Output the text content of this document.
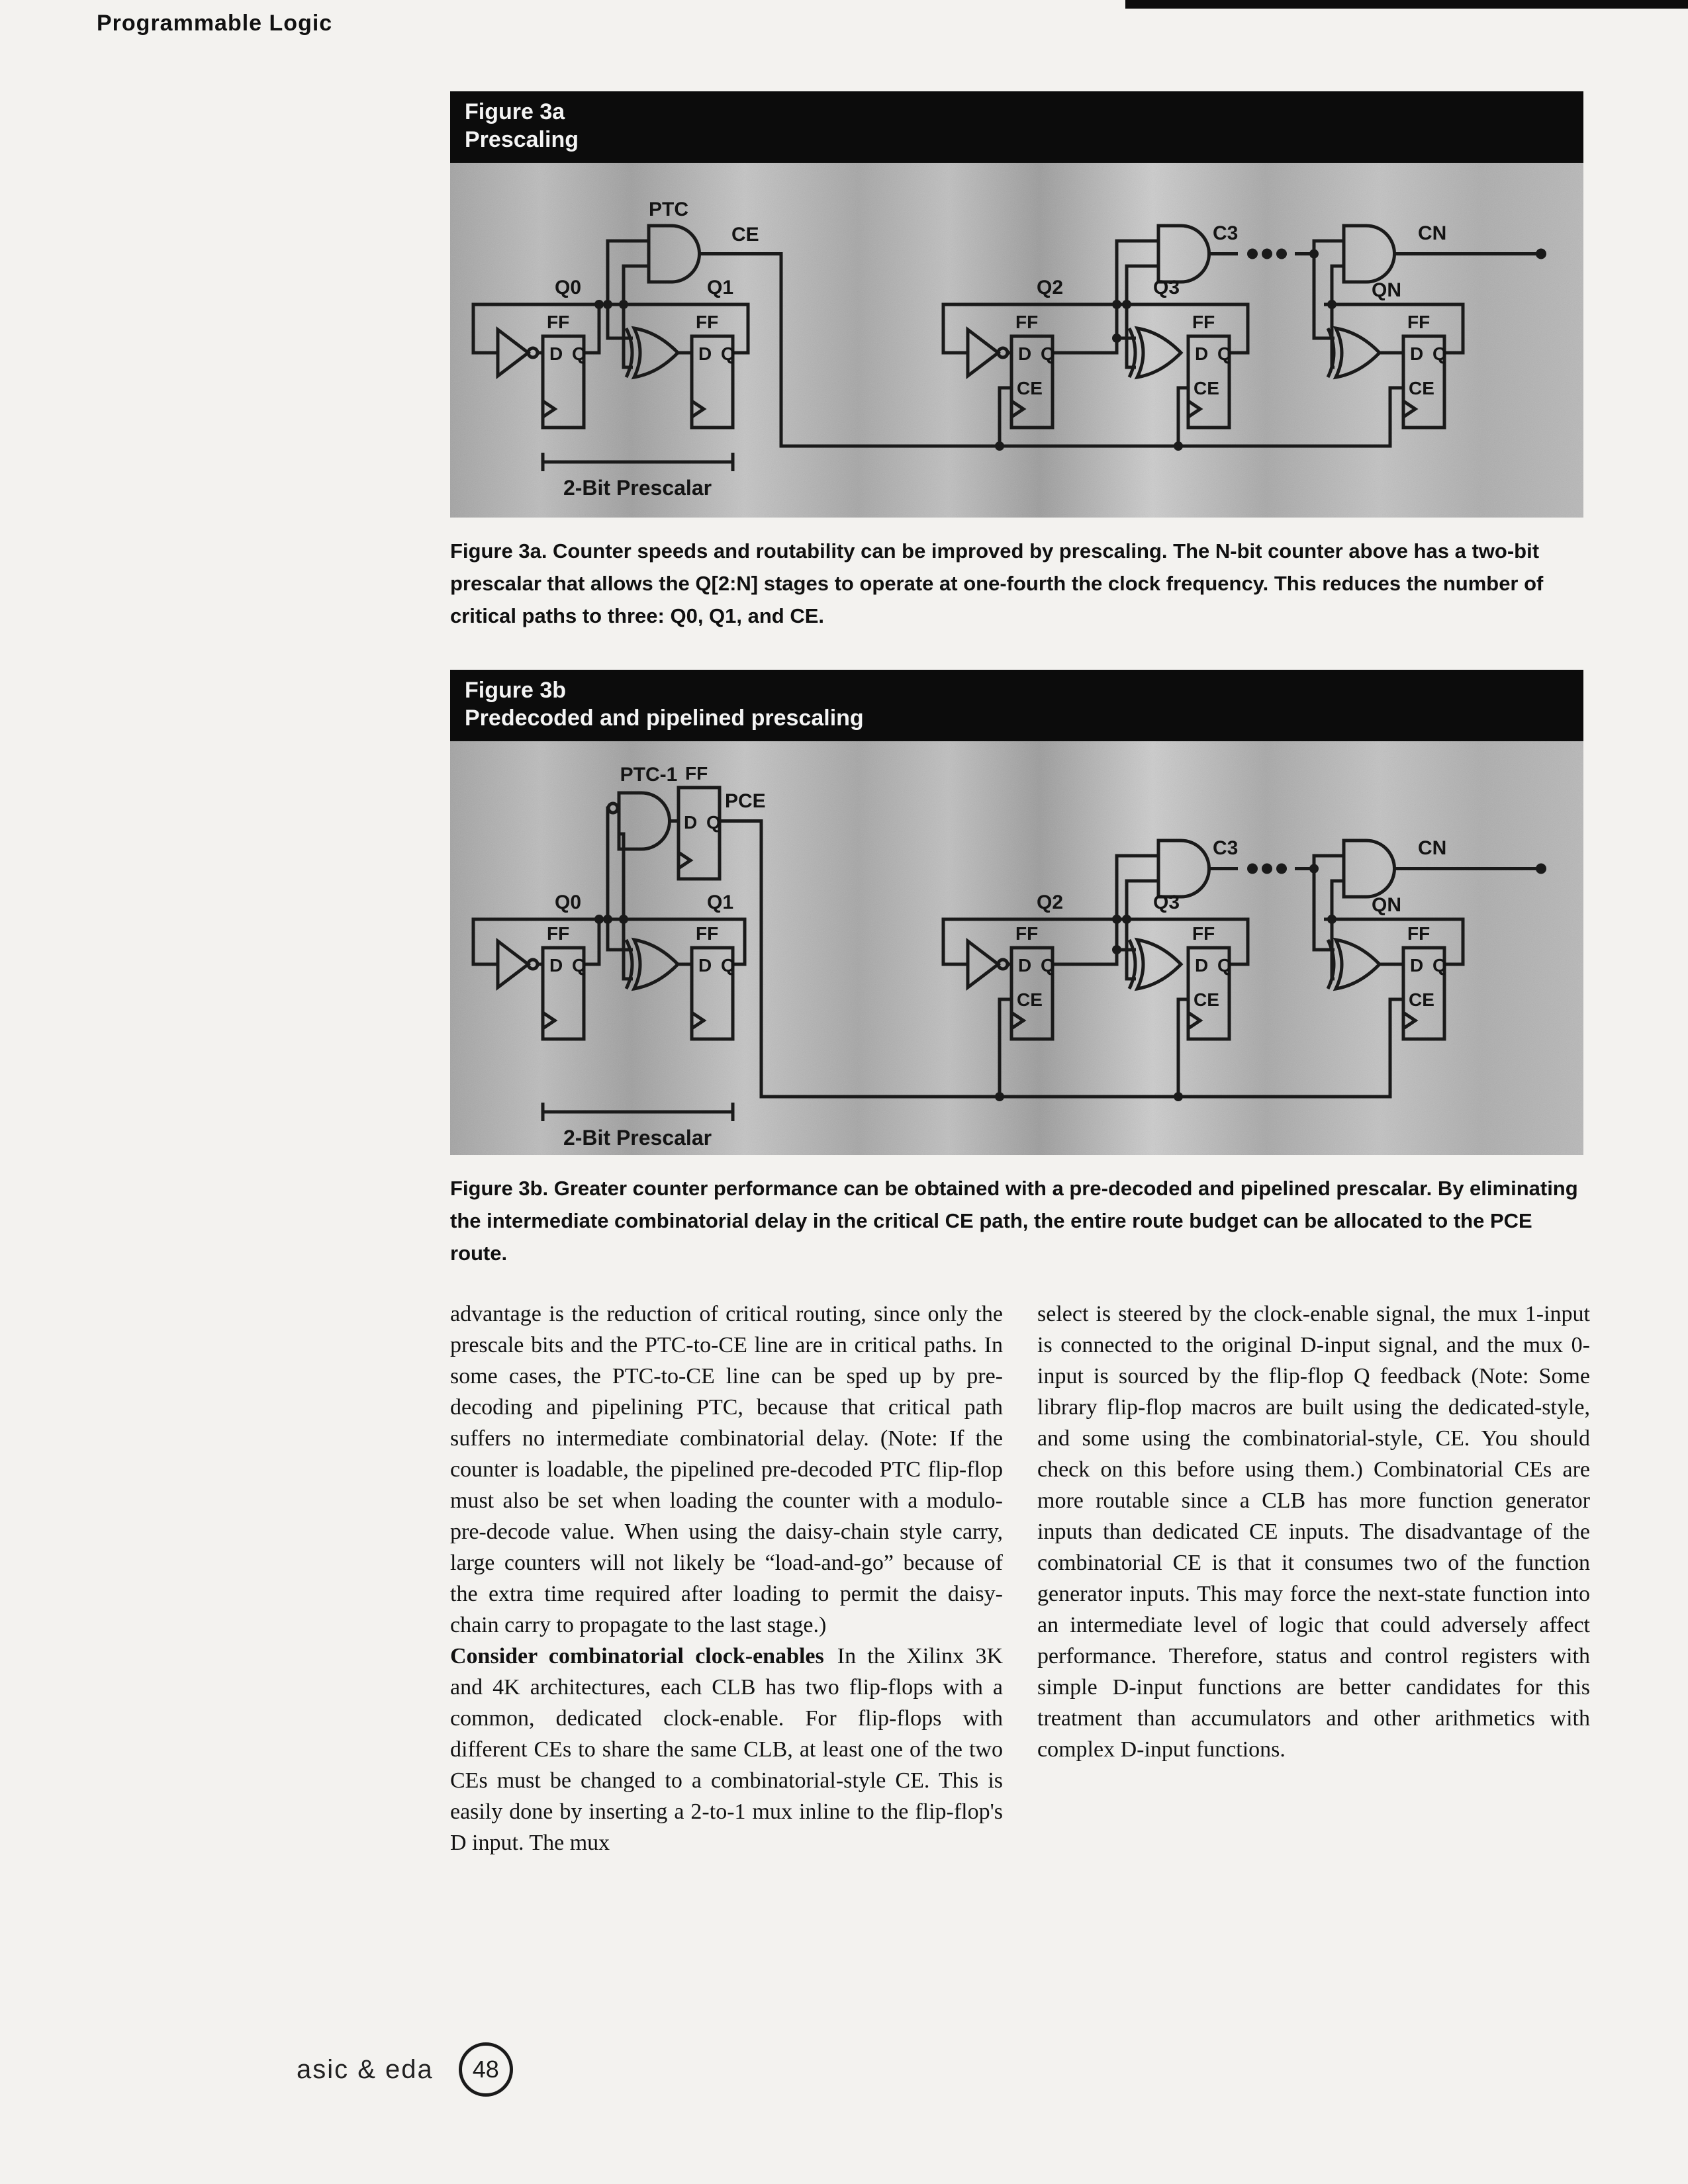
Programmable Logic
Figure 3a
Prescaling
PTC
CE
Q0	Q1	Q2	Q3
C3	CN
QN
FF	FF	FF	FF	FF
D Q	D Q	D Q	D Q	D Q
CE	CE	CE
2-Bit Prescalar
Figure 3a. Counter speeds and routability can be improved by prescaling. The N-bit counter above has a two-bit prescalar that allows the Q[2:N] stages to operate at one-fourth the clock frequency. This reduces the number of critical paths to three: Q0, Q1, and CE.
Figure 3b
Predecoded and pipelined prescaling
PTC-1 FF
PCE
D Q
Q0	Q1	Q2	Q3
C3	CN
QN
FF	FF	FF	FF	FF
D Q	D Q	D Q	D Q	D Q
CE	CE	CE
2-Bit Prescalar
Figure 3b. Greater counter performance can be obtained with a pre-decoded and pipelined prescalar. By eliminating the intermediate combinatorial delay in the critical CE path, the entire route budget can be allocated to the PCE route.

advantage is the reduction of critical routing, since only the prescale bits and the PTC-to-CE line are in critical paths. In some cases, the PTC-to-CE line can be sped up by pre-decoding and pipelining PTC, because that critical path suffers no intermediate combinatorial delay. (Note: If the counter is loadable, the pipelined pre-decoded PTC flip-flop must also be set when loading the counter with a modulo-pre-decode value. When using the daisy-chain style carry, large counters will not likely be “load-and-go” because of the extra time required after loading to permit the daisy-chain carry to propagate to the last stage.)

Consider combinatorial clock-enables In the Xilinx 3K and 4K architectures, each CLB has two flip-flops with a common, dedicated clock-enable. For flip-flops with different CEs to share the same CLB, at least one of the two CEs must be changed to a combinatorial-style CE. This is easily done by inserting a 2-to-1 mux inline to the flip-flop's D input. The mux

select is steered by the clock-enable signal, the mux 1-input is connected to the original D-input signal, and the mux 0-input is sourced by the flip-flop Q feedback (Note: Some library flip-flop macros are built using the dedicated-style, and some using the combinatorial-style, CE. You should check on this before using them.) Combinatorial CEs are more routable since a CLB has more function generator inputs than dedicated CE inputs. The disadvantage of the combinatorial CE is that it consumes two of the function generator inputs. This may force the next-state function into an intermediate level of logic that could adversely affect performance. Therefore, status and control registers with simple D-input functions are better candidates for this treatment than accumulators and other arithmetics with complex D-input functions.

asic & eda	48
